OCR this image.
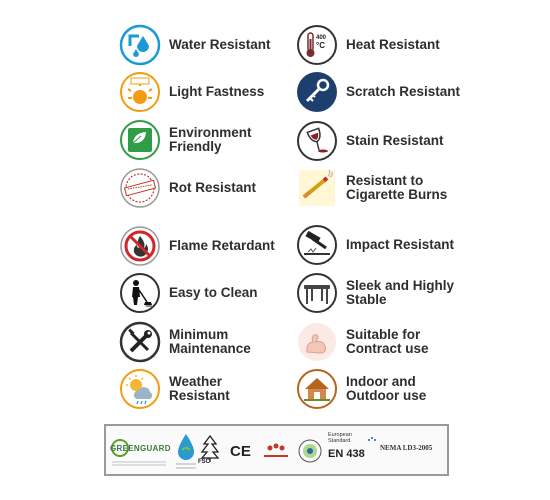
Water Resistant
Light Fastness
Environment
Friendly
Rot Resistant
Flame Retardant
Easy to Clean
Minimum
Maintenance
Weather
Resistant
400
°C Heat Resistant
Scratch Resistant
Stain Resistant
Resistant to
Cigarette Burns
Impact Resistant
Sleek and Highly
Stable
Suitable for
Contract use
Indoor and
Outdoor use
CE
GREENGUARD
FSC
European
Standard
EN 438 NEMA LD3-2005
